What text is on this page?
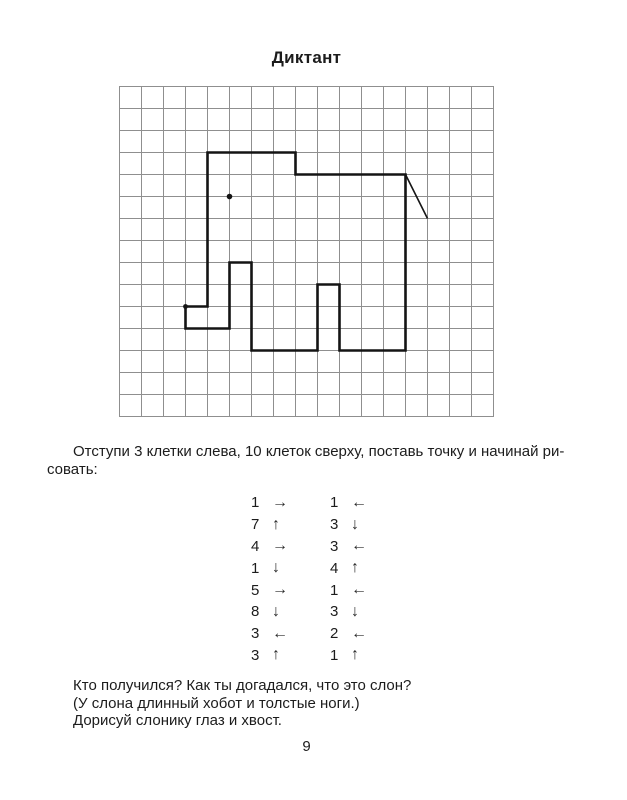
Диктант
Отступи 3 клетки слева, 10 клеток сверху, поставь точку и начинай ри-
совать:
1 →
7 ↑
4 →
1 ↓
5 →
8 ↓
3 ←
3 ↑
1 ←
3 ↓
3 ←
4 ↑
1 ←
3 ↓
2 ←
1 ↑
Кто получился? Как ты догадался, что это слон?
(У слона длинный хобот и толстые ноги.)
Дорисуй слонику глаз и хвост.
9
